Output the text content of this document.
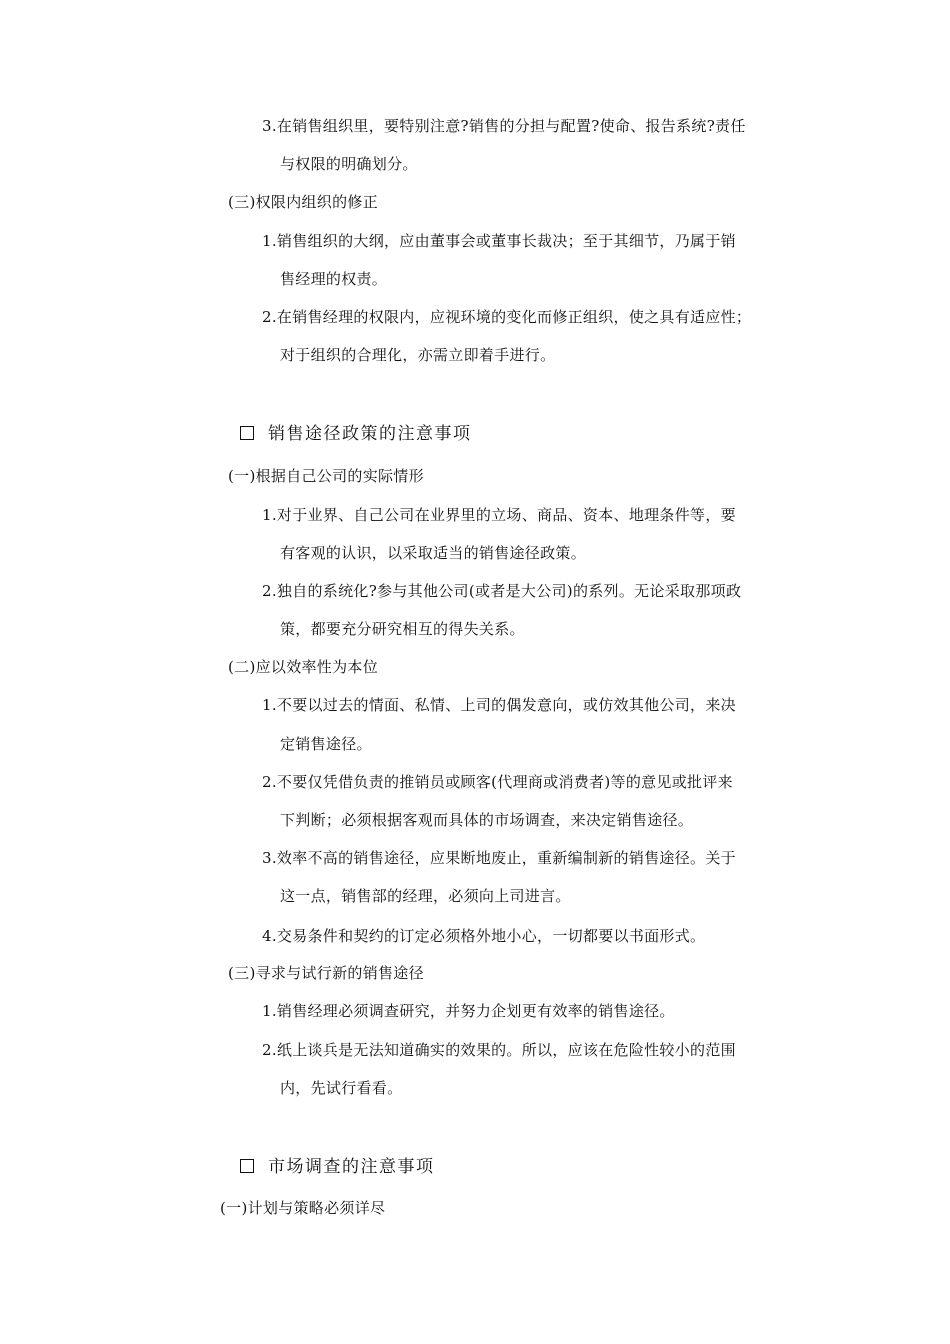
3.在销售组织里，要特别注意?销售的分担与配置?使命、报告系统?责任
与权限的明确划分。
(三)权限内组织的修正
1.销售组织的大纲，应由董事会或董事长裁决；至于其细节，乃属于销
售经理的权责。
2.在销售经理的权限内，应视环境的变化而修正组织，使之具有适应性；
对于组织的合理化，亦需立即着手进行。
销售途径政策的注意事项
(一)根据自己公司的实际情形
1.对于业界、自己公司在业界里的立场、商品、资本、地理条件等，要
有客观的认识，以采取适当的销售途径政策。
2.独自的系统化?参与其他公司(或者是大公司)的系列。无论采取那项政
策，都要充分研究相互的得失关系。
(二)应以效率性为本位
1.不要以过去的情面、私情、上司的偶发意向，或仿效其他公司，来决
定销售途径。
2.不要仅凭借负责的推销员或顾客(代理商或消费者)等的意见或批评来
下判断；必须根据客观而具体的市场调查，来决定销售途径。
3.效率不高的销售途径，应果断地废止，重新编制新的销售途径。关于
这一点，销售部的经理，必须向上司进言。
4.交易条件和契约的订定必须格外地小心，一切都要以书面形式。
(三)寻求与试行新的销售途径
1.销售经理必须调查研究，并努力企划更有效率的销售途径。
2.纸上谈兵是无法知道确实的效果的。所以，应该在危险性较小的范围
内，先试行看看。
市场调查的注意事项
(一)计划与策略必须详尽
